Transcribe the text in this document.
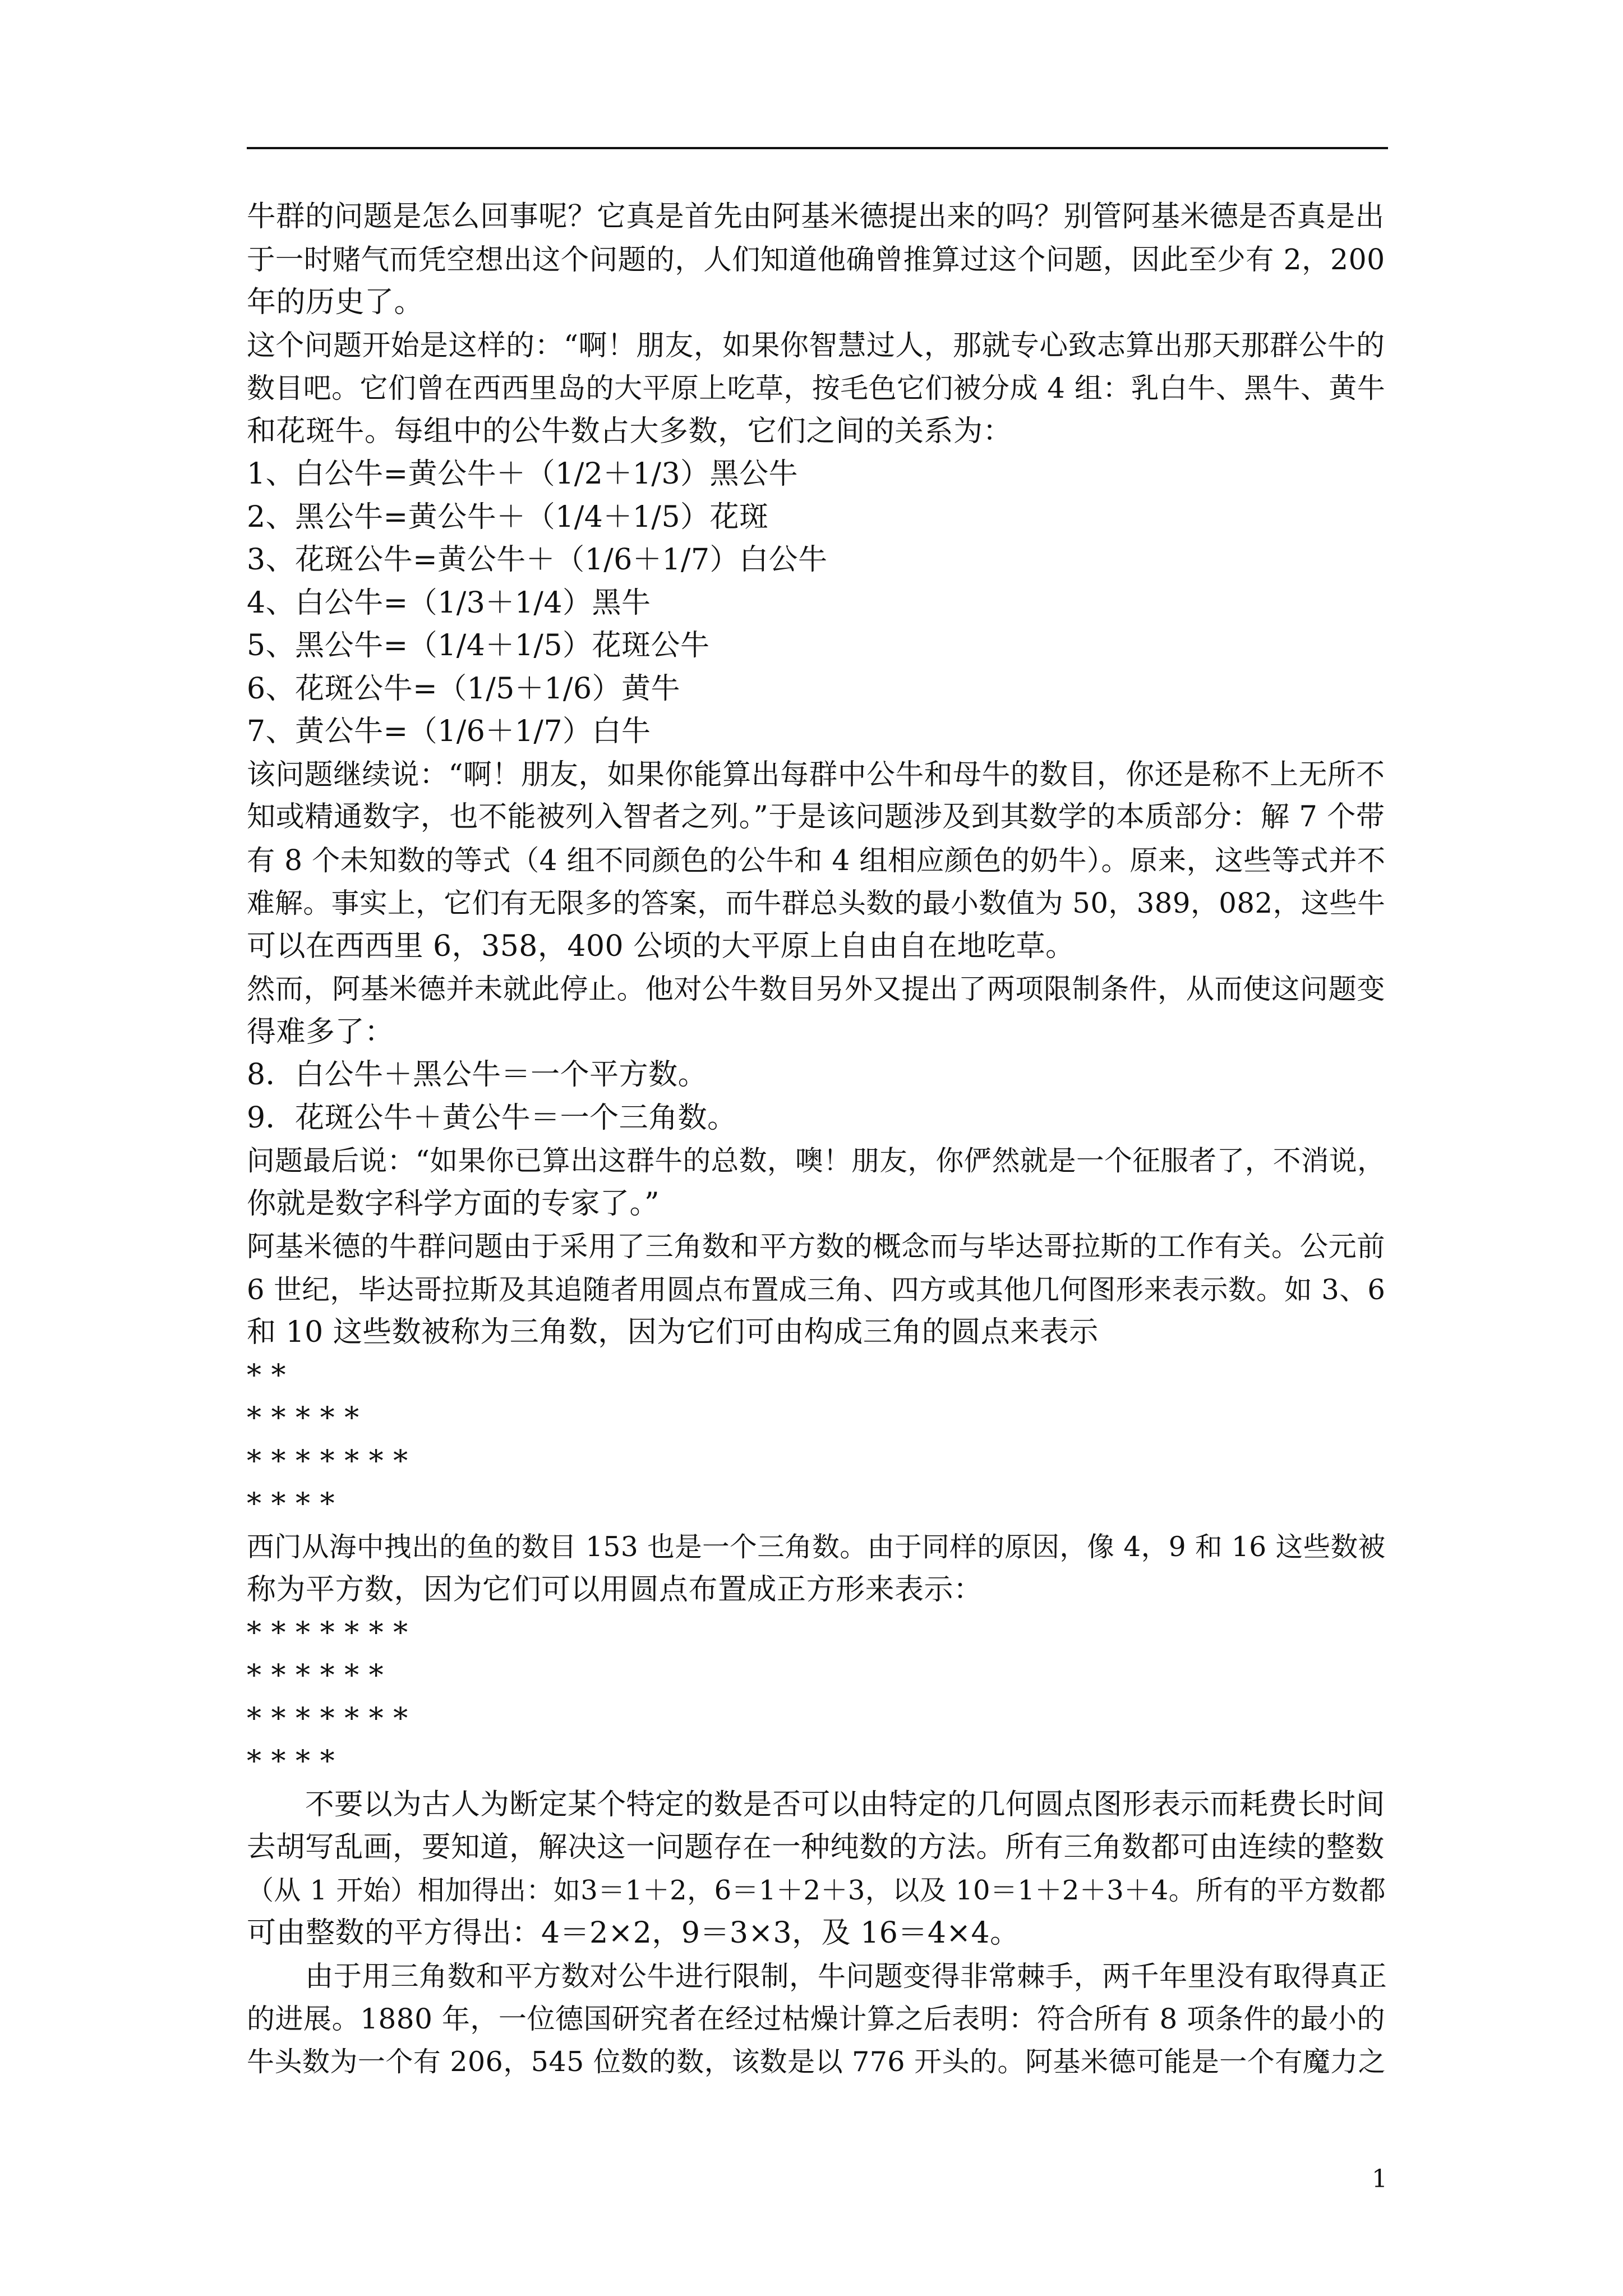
牛群的问题是怎么回事呢？它真是首先由阿基米德提出来的吗？别管阿基米德是否真是出

于一时赌气而凭空想出这个问题的，人们知道他确曾推算过这个问题，因此至少有 2，200

年的历史了。

这个问题开始是这样的：“啊！朋友，如果你智慧过人，那就专心致志算出那天那群公牛的

数目吧。它们曾在西西里岛的大平原上吃草，按毛色它们被分成 4 组：乳白牛、黑牛、黄牛

和花斑牛。每组中的公牛数占大多数，它们之间的关系为：

1、白公牛=黄公牛＋（1/2＋1/3）黑公牛

2、黑公牛=黄公牛＋（1/4＋1/5）花斑

3、花斑公牛=黄公牛＋（1/6＋1/7）白公牛

4、白公牛=（1/3＋1/4）黑牛

5、黑公牛=（1/4＋1/5）花斑公牛

6、花斑公牛=（1/5＋1/6）黄牛

7、黄公牛=（1/6＋1/7）白牛

该问题继续说：“啊！朋友，如果你能算出每群中公牛和母牛的数目，你还是称不上无所不

知或精通数字，也不能被列入智者之列。”于是该问题涉及到其数学的本质部分：解 7 个带

有 8 个未知数的等式（4 组不同颜色的公牛和 4 组相应颜色的奶牛）。原来，这些等式并不

难解。事实上，它们有无限多的答案，而牛群总头数的最小数值为 50，389，082，这些牛

可以在西西里 6，358，400 公顷的大平原上自由自在地吃草。

然而，阿基米德并未就此停止。他对公牛数目另外又提出了两项限制条件，从而使这问题变

得难多了：

8．白公牛＋黑公牛＝一个平方数。

9．花斑公牛＋黄公牛＝一个三角数。

问题最后说：“如果你已算出这群牛的总数，噢！朋友，你俨然就是一个征服者了，不消说，

你就是数字科学方面的专家了。”

阿基米德的牛群问题由于采用了三角数和平方数的概念而与毕达哥拉斯的工作有关。公元前

6 世纪，毕达哥拉斯及其追随者用圆点布置成三角、四方或其他几何图形来表示数。如 3、6

和 10 这些数被称为三角数，因为它们可由构成三角的圆点来表示

* *

* * * * *

* * * * * * *

* * * *

西门从海中拽出的鱼的数目 153 也是一个三角数。由于同样的原因，像 4，9 和 16 这些数被

称为平方数，因为它们可以用圆点布置成正方形来表示：

* * * * * * *

* * * * * *

* * * * * * *

* * * *

不要以为古人为断定某个特定的数是否可以由特定的几何圆点图形表示而耗费长时间

去胡写乱画，要知道，解决这一问题存在一种纯数的方法。所有三角数都可由连续的整数

（从 1 开始）相加得出：如3＝1＋2，6＝1＋2＋3，以及 10＝1＋2＋3＋4。所有的平方数都

可由整数的平方得出：4＝2×2，9＝3×3，及 16＝4×4。

由于用三角数和平方数对公牛进行限制，牛问题变得非常棘手，两千年里没有取得真正

的进展。1880 年，一位德国研究者在经过枯燥计算之后表明：符合所有 8 项条件的最小的

牛头数为一个有 206，545 位数的数，该数是以 776 开头的。阿基米德可能是一个有魔力之

1
